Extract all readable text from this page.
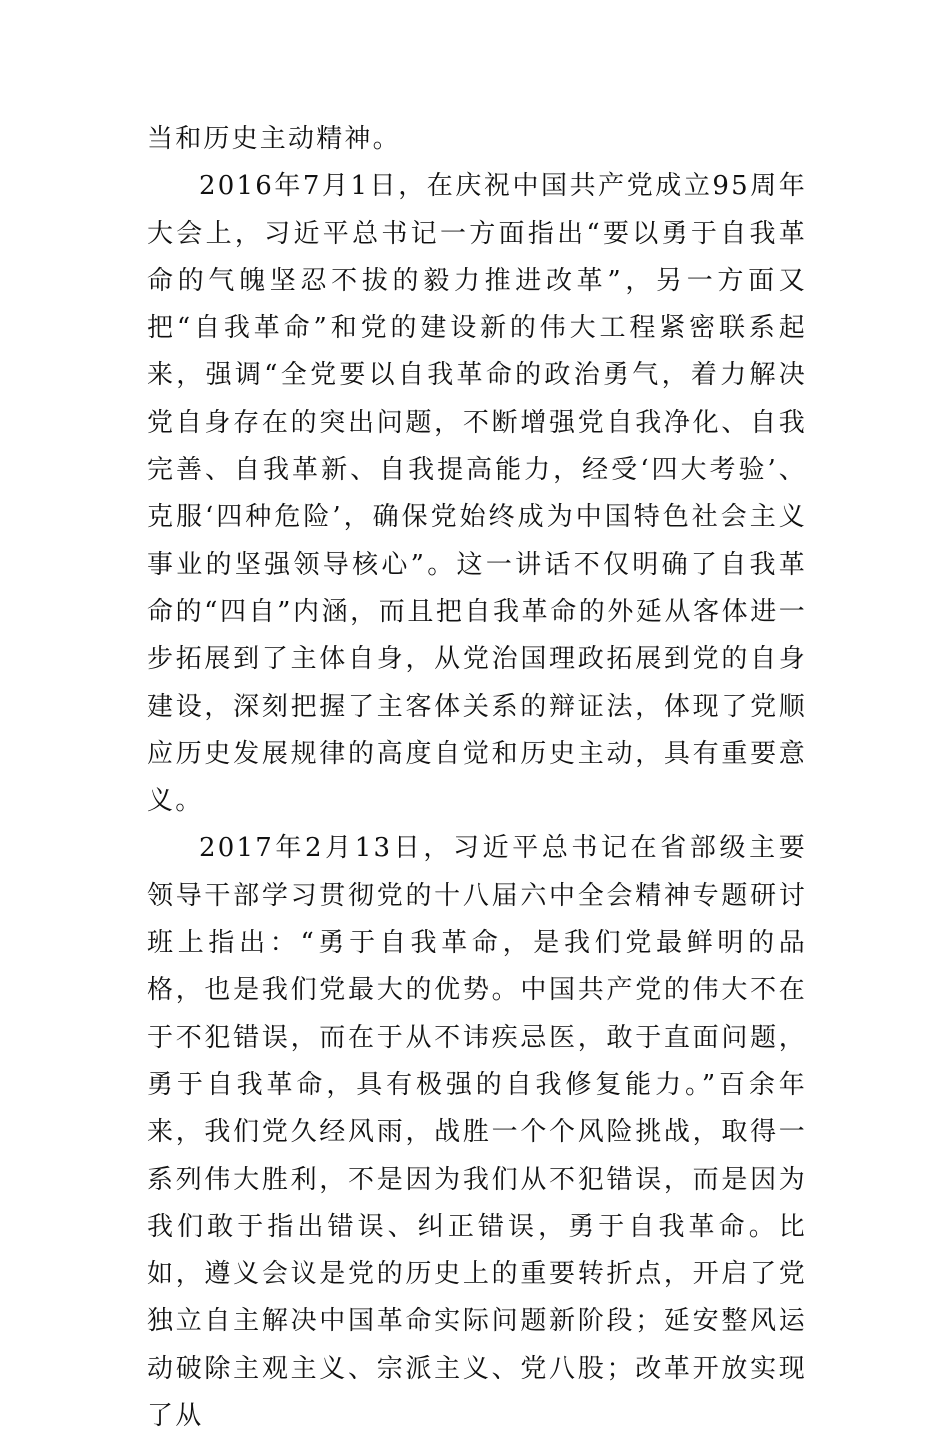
当和历史主动精神。

2016年7月1日，在庆祝中国共产党成立95周年大会上，习近平总书记一方面指出“要以勇于自我革命的气魄坚忍不拔的毅力推进改革”，另一方面又把“自我革命”和党的建设新的伟大工程紧密联系起来，强调“全党要以自我革命的政治勇气，着力解决党自身存在的突出问题，不断增强党自我净化、自我完善、自我革新、自我提高能力，经受‘四大考验’、克服‘四种危险’，确保党始终成为中国特色社会主义事业的坚强领导核心”。这一讲话不仅明确了自我革命的“四自”内涵，而且把自我革命的外延从客体进一步拓展到了主体自身，从党治国理政拓展到党的自身建设，深刻把握了主客体关系的辩证法，体现了党顺应历史发展规律的高度自觉和历史主动，具有重要意义。

2017年2月13日，习近平总书记在省部级主要领导干部学习贯彻党的十八届六中全会精神专题研讨班上指出：“勇于自我革命，是我们党最鲜明的品格，也是我们党最大的优势。中国共产党的伟大不在于不犯错误，而在于从不讳疾忌医，敢于直面问题，勇于自我革命，具有极强的自我修复能力。”百余年来，我们党久经风雨，战胜一个个风险挑战，取得一系列伟大胜利，不是因为我们从不犯错误，而是因为我们敢于指出错误、纠正错误，勇于自我革命。比如，遵义会议是党的历史上的重要转折点，开启了党独立自主解决中国革命实际问题新阶段；延安整风运动破除主观主义、宗派主义、党八股；改革开放实现了从
